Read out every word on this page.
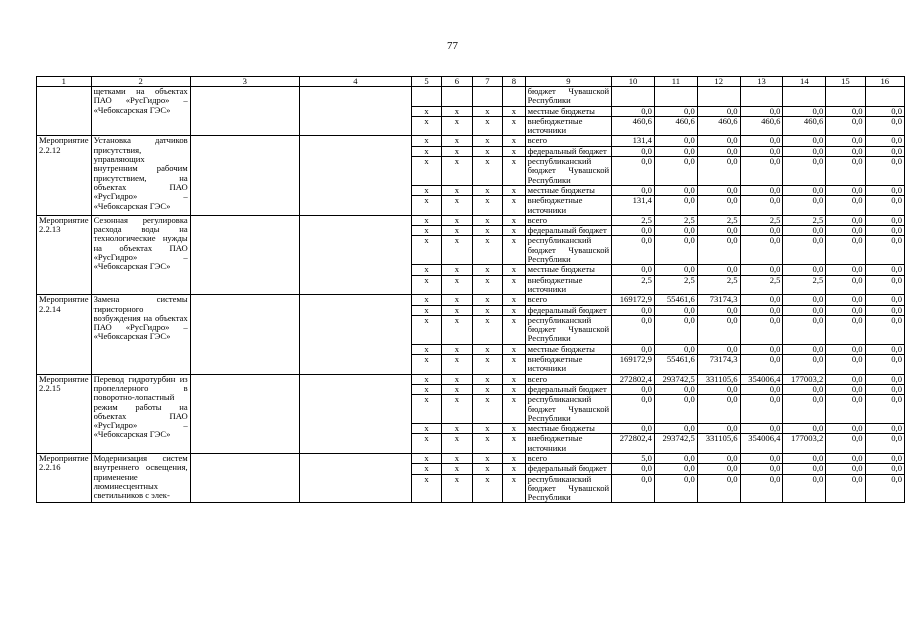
77
1	2	3	4	5	6	7	8	9	10	11	12	13	14	15	16
	щетками на объектах ПАО «РусГидро» – «Чебоксарская ГЭС»							бюджет Чувашской Республики							
				х	х	х	х	местные бюджеты	0,0	0,0	0,0	0,0	0,0	0,0	0,0
				х	х	х	х	внебюджетные источники	460,6	460,6	460,6	460,6	460,6	0,0	0,0
Мероприятие 2.2.12	Установка датчиков присутствия, управляющих внутренним рабочим присутствием, на объектах ПАО «РусГидро» – «Чебоксарская ГЭС»			х	х	х	х	всего	131,4	0,0	0,0	0,0	0,0	0,0	0,0
				х	х	х	х	федеральный бюджет	0,0	0,0	0,0	0,0	0,0	0,0	0,0
				х	х	х	х	республиканский бюджет Чувашской Республики	0,0	0,0	0,0	0,0	0,0	0,0	0,0
				х	х	х	х	местные бюджеты	0,0	0,0	0,0	0,0	0,0	0,0	0,0
				х	х	х	х	внебюджетные источники	131,4	0,0	0,0	0,0	0,0	0,0	0,0
Мероприятие 2.2.13	Сезонная регулировка расхода воды на технологические нужды на объектах ПАО «РусГидро» – «Чебоксарская ГЭС»			х	х	х	х	всего	2,5	2,5	2,5	2,5	2,5	0,0	0,0
				х	х	х	х	федеральный бюджет	0,0	0,0	0,0	0,0	0,0	0,0	0,0
				х	х	х	х	республиканский бюджет Чувашской Республики	0,0	0,0	0,0	0,0	0,0	0,0	0,0
				х	х	х	х	местные бюджеты	0,0	0,0	0,0	0,0	0,0	0,0	0,0
				х	х	х	х	внебюджетные источники	2,5	2,5	2,5	2,5	2,5	0,0	0,0
Мероприятие 2.2.14	Замена системы тиристорного возбуждения на объектах ПАО «РусГидро» – «Чебоксарская ГЭС»			х	х	х	х	всего	169172,9	55461,6	73174,3	0,0	0,0	0,0	0,0
				х	х	х	х	федеральный бюджет	0,0	0,0	0,0	0,0	0,0	0,0	0,0
				х	х	х	х	республиканский бюджет Чувашской Республики	0,0	0,0	0,0	0,0	0,0	0,0	0,0
				х	х	х	х	местные бюджеты	0,0	0,0	0,0	0,0	0,0	0,0	0,0
				х	х	х	х	внебюджетные источники	169172,9	55461,6	73174,3	0,0	0,0	0,0	0,0
Мероприятие 2.2.15	Перевод гидротурбин из пропеллерного в поворотно-лопастный режим работы на объектах ПАО «РусГидро» – «Чебоксарская ГЭС»			х	х	х	х	всего	272802,4	293742,5	331105,6	354006,4	177003,2	0,0	0,0
				х	х	х	х	федеральный бюджет	0,0	0,0	0,0	0,0	0,0	0,0	0,0
				х	х	х	х	республиканский бюджет Чувашской Республики	0,0	0,0	0,0	0,0	0,0	0,0	0,0
				х	х	х	х	местные бюджеты	0,0	0,0	0,0	0,0	0,0	0,0	0,0
				х	х	х	х	внебюджетные источники	272802,4	293742,5	331105,6	354006,4	177003,2	0,0	0,0
Мероприятие 2.2.16	Модернизация систем внутреннего освещения, применение люминесцентных светильников с элек-			х	х	х	х	всего	5,0	0,0	0,0	0,0	0,0	0,0	0,0
				х	х	х	х	федеральный бюджет	0,0	0,0	0,0	0,0	0,0	0,0	0,0
				х	х	х	х	республиканский бюджет Чувашской Республики	0,0	0,0	0,0	0,0	0,0	0,0	0,0
